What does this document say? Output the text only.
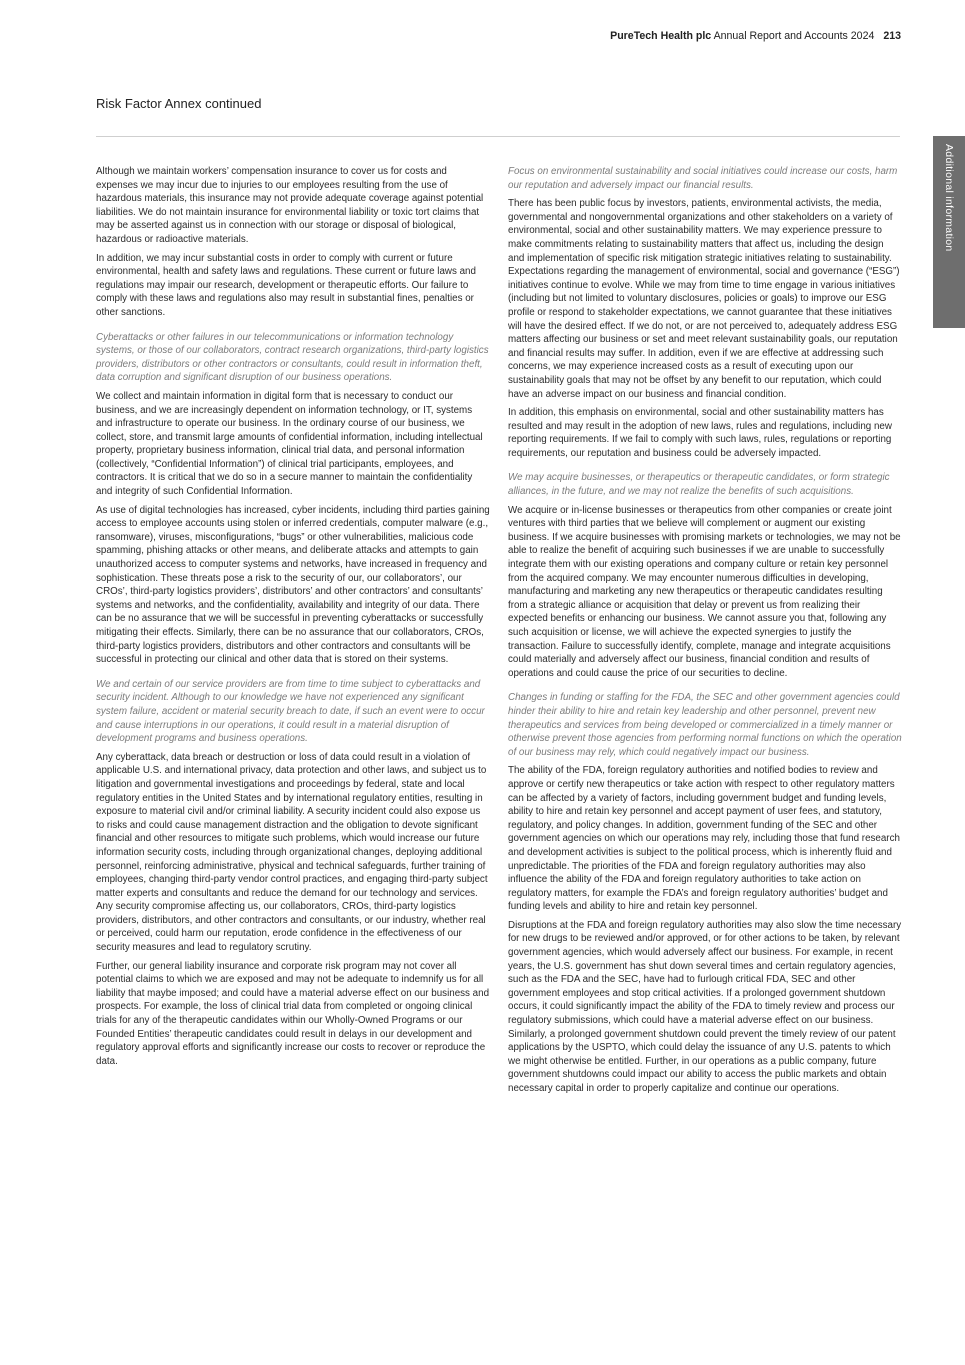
PureTech Health plc Annual Report and Accounts 2024 213
Risk Factor Annex continued
Additional information

Although we maintain workers’ compensation insurance to cover us for costs and expenses we may incur due to injuries to our employees resulting from the use of hazardous materials, this insurance may not provide adequate coverage against potential liabilities. We do not maintain insurance for environmental liability or toxic tort claims that may be asserted against us in connection with our storage or disposal of biological, hazardous or radioactive materials.

In addition, we may incur substantial costs in order to comply with current or future environmental, health and safety laws and regulations. These current or future laws and regulations may impair our research, development or therapeutic efforts. Our failure to comply with these laws and regulations also may result in substantial fines, penalties or other sanctions.

Cyberattacks or other failures in our telecommunications or information technology systems, or those of our collaborators, contract research organizations, third-party logistics providers, distributors or other contractors or consultants, could result in information theft, data corruption and significant disruption of our business operations.

We collect and maintain information in digital form that is necessary to conduct our business, and we are increasingly dependent on information technology, or IT, systems and infrastructure to operate our business. In the ordinary course of our business, we collect, store, and transmit large amounts of confidential information, including intellectual property, proprietary business information, clinical trial data, and personal information (collectively, “Confidential Information”) of clinical trial participants, employees, and contractors. It is critical that we do so in a secure manner to maintain the confidentiality and integrity of such Confidential Information.

As use of digital technologies has increased, cyber incidents, including third parties gaining access to employee accounts using stolen or inferred credentials, computer malware (e.g., ransomware), viruses, misconfigurations, “bugs” or other vulnerabilities, malicious code spamming, phishing attacks or other means, and deliberate attacks and attempts to gain unauthorized access to computer systems and networks, have increased in frequency and sophistication. These threats pose a risk to the security of our, our collaborators’, our CROs’, third-party logistics providers’, distributors’ and other contractors’ and consultants’ systems and networks, and the confidentiality, availability and integrity of our data. There can be no assurance that we will be successful in preventing cyberattacks or successfully mitigating their effects. Similarly, there can be no assurance that our collaborators, CROs, third-party logistics providers, distributors and other contractors and consultants will be successful in protecting our clinical and other data that is stored on their systems.

We and certain of our service providers are from time to time subject to cyberattacks and security incident. Although to our knowledge we have not experienced any significant system failure, accident or material security breach to date, if such an event were to occur and cause interruptions in our operations, it could result in a material disruption of development programs and business operations.

Any cyberattack, data breach or destruction or loss of data could result in a violation of applicable U.S. and international privacy, data protection and other laws, and subject us to litigation and governmental investigations and proceedings by federal, state and local regulatory entities in the United States and by international regulatory entities, resulting in exposure to material civil and/or criminal liability. A security incident could also expose us to risks and could cause management distraction and the obligation to devote significant financial and other resources to mitigate such problems, which would increase our future information security costs, including through organizational changes, deploying additional personnel, reinforcing administrative, physical and technical safeguards, further training of employees, changing third-party vendor control practices, and engaging third-party subject matter experts and consultants and reduce the demand for our technology and services. Any security compromise affecting us, our collaborators, CROs, third-party logistics providers, distributors, and other contractors and consultants, or our industry, whether real or perceived, could harm our reputation, erode confidence in the effectiveness of our security measures and lead to regulatory scrutiny.

Further, our general liability insurance and corporate risk program may not cover all potential claims to which we are exposed and may not be adequate to indemnify us for all liability that maybe imposed; and could have a material adverse effect on our business and prospects. For example, the loss of clinical trial data from completed or ongoing clinical trials for any of the therapeutic candidates within our Wholly-Owned Programs or our Founded Entities’ therapeutic candidates could result in delays in our development and regulatory approval efforts and significantly increase our costs to recover or reproduce the data.

Focus on environmental sustainability and social initiatives could increase our costs, harm our reputation and adversely impact our financial results.

There has been public focus by investors, patients, environmental activists, the media, governmental and nongovernmental organizations and other stakeholders on a variety of environmental, social and other sustainability matters. We may experience pressure to make commitments relating to sustainability matters that affect us, including the design and implementation of specific risk mitigation strategic initiatives relating to sustainability. Expectations regarding the management of environmental, social and governance (“ESG”) initiatives continue to evolve. While we may from time to time engage in various initiatives (including but not limited to voluntary disclosures, policies or goals) to improve our ESG profile or respond to stakeholder expectations, we cannot guarantee that these initiatives will have the desired effect. If we do not, or are not perceived to, adequately address ESG matters affecting our business or set and meet relevant sustainability goals, our reputation and financial results may suffer. In addition, even if we are effective at addressing such concerns, we may experience increased costs as a result of executing upon our sustainability goals that may not be offset by any benefit to our reputation, which could have an adverse impact on our business and financial condition.

In addition, this emphasis on environmental, social and other sustainability matters has resulted and may result in the adoption of new laws, rules and regulations, including new reporting requirements. If we fail to comply with such laws, rules, regulations or reporting requirements, our reputation and business could be adversely impacted.

We may acquire businesses, or therapeutics or therapeutic candidates, or form strategic alliances, in the future, and we may not realize the benefits of such acquisitions.

We acquire or in-license businesses or therapeutics from other companies or create joint ventures with third parties that we believe will complement or augment our existing business. If we acquire businesses with promising markets or technologies, we may not be able to realize the benefit of acquiring such businesses if we are unable to successfully integrate them with our existing operations and company culture or retain key personnel from the acquired company. We may encounter numerous difficulties in developing, manufacturing and marketing any new therapeutics or therapeutic candidates resulting from a strategic alliance or acquisition that delay or prevent us from realizing their expected benefits or enhancing our business. We cannot assure you that, following any such acquisition or license, we will achieve the expected synergies to justify the transaction. Failure to successfully identify, complete, manage and integrate acquisitions could materially and adversely affect our business, financial condition and results of operations and could cause the price of our securities to decline.

Changes in funding or staffing for the FDA, the SEC and other government agencies could hinder their ability to hire and retain key leadership and other personnel, prevent new therapeutics and services from being developed or commercialized in a timely manner or otherwise prevent those agencies from performing normal functions on which the operation of our business may rely, which could negatively impact our business.

The ability of the FDA, foreign regulatory authorities and notified bodies to review and approve or certify new therapeutics or take action with respect to other regulatory matters can be affected by a variety of factors, including government budget and funding levels, ability to hire and retain key personnel and accept payment of user fees, and statutory, regulatory, and policy changes. In addition, government funding of the SEC and other government agencies on which our operations may rely, including those that fund research and development activities is subject to the political process, which is inherently fluid and unpredictable. The priorities of the FDA and foreign regulatory authorities may also influence the ability of the FDA and foreign regulatory authorities to take action on regulatory matters, for example the FDA’s and foreign regulatory authorities’ budget and funding levels and ability to hire and retain key personnel.

Disruptions at the FDA and foreign regulatory authorities may also slow the time necessary for new drugs to be reviewed and/or approved, or for other actions to be taken, by relevant government agencies, which would adversely affect our business. For example, in recent years, the U.S. government has shut down several times and certain regulatory agencies, such as the FDA and the SEC, have had to furlough critical FDA, SEC and other government employees and stop critical activities. If a prolonged government shutdown occurs, it could significantly impact the ability of the FDA to timely review and process our regulatory submissions, which could have a material adverse effect on our business. Similarly, a prolonged government shutdown could prevent the timely review of our patent applications by the USPTO, which could delay the issuance of any U.S. patents to which we might otherwise be entitled. Further, in our operations as a public company, future government shutdowns could impact our ability to access the public markets and obtain necessary capital in order to properly capitalize and continue our operations.
